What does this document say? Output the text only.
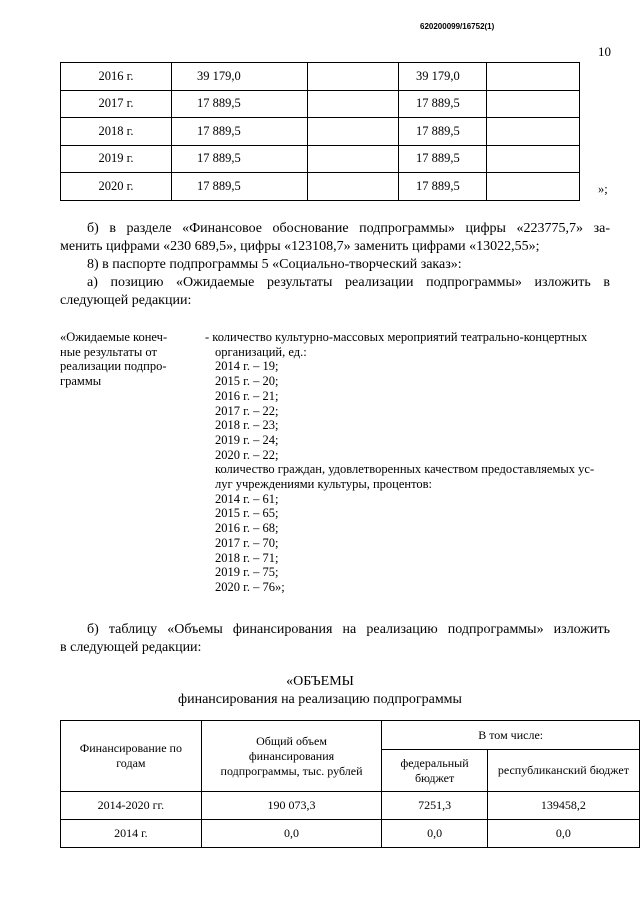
620200099/16752(1)
10
2016 г.	39 179,0		39 179,0	
2017 г.	17 889,5		17 889,5	
2018 г.	17 889,5		17 889,5	
2019 г.	17 889,5		17 889,5	
2020 г.	17 889,5		17 889,5		»;

б) в разделе «Финансовое обоснование подпрограммы» цифры «223775,7» за-

менить цифрами «230 689,5», цифры «123108,7» заменить цифрами «13022,55»;

8) в паспорте подпрограммы 5 «Социально-творческий заказ»:

а) позицию «Ожидаемые результаты реализации подпрограммы» изложить в

следующей редакции:

«Ожидаемые конеч-
ные результаты от
реализации подпро-
граммы
- количество культурно-массовых мероприятий театрально-концертных
организаций, ед.:
2014 г. – 19;
2015 г. – 20;
2016 г. – 21;
2017 г. – 22;
2018 г. – 23;
2019 г. – 24;
2020 г. – 22;
количество граждан, удовлетворенных качеством предоставляемых ус-
луг учреждениями культуры, процентов:
2014 г. – 61;
2015 г. – 65;
2016 г. – 68;
2017 г. – 70;
2018 г. – 71;
2019 г. – 75;
2020 г. – 76»;

б) таблицу «Объемы финансирования на реализацию подпрограммы» изложить

в следующей редакции:

«ОБЪЕМЫ
финансирования на реализацию подпрограммы
Финансирование по годам	Общий объем финансирования подпрограммы, тыс. рублей	В том числе:	
		федеральный бюджет	республиканский бюджет
2014-2020 гг.	190 073,3	7251,3	139458,2
2014 г.	0,0	0,0	0,0
